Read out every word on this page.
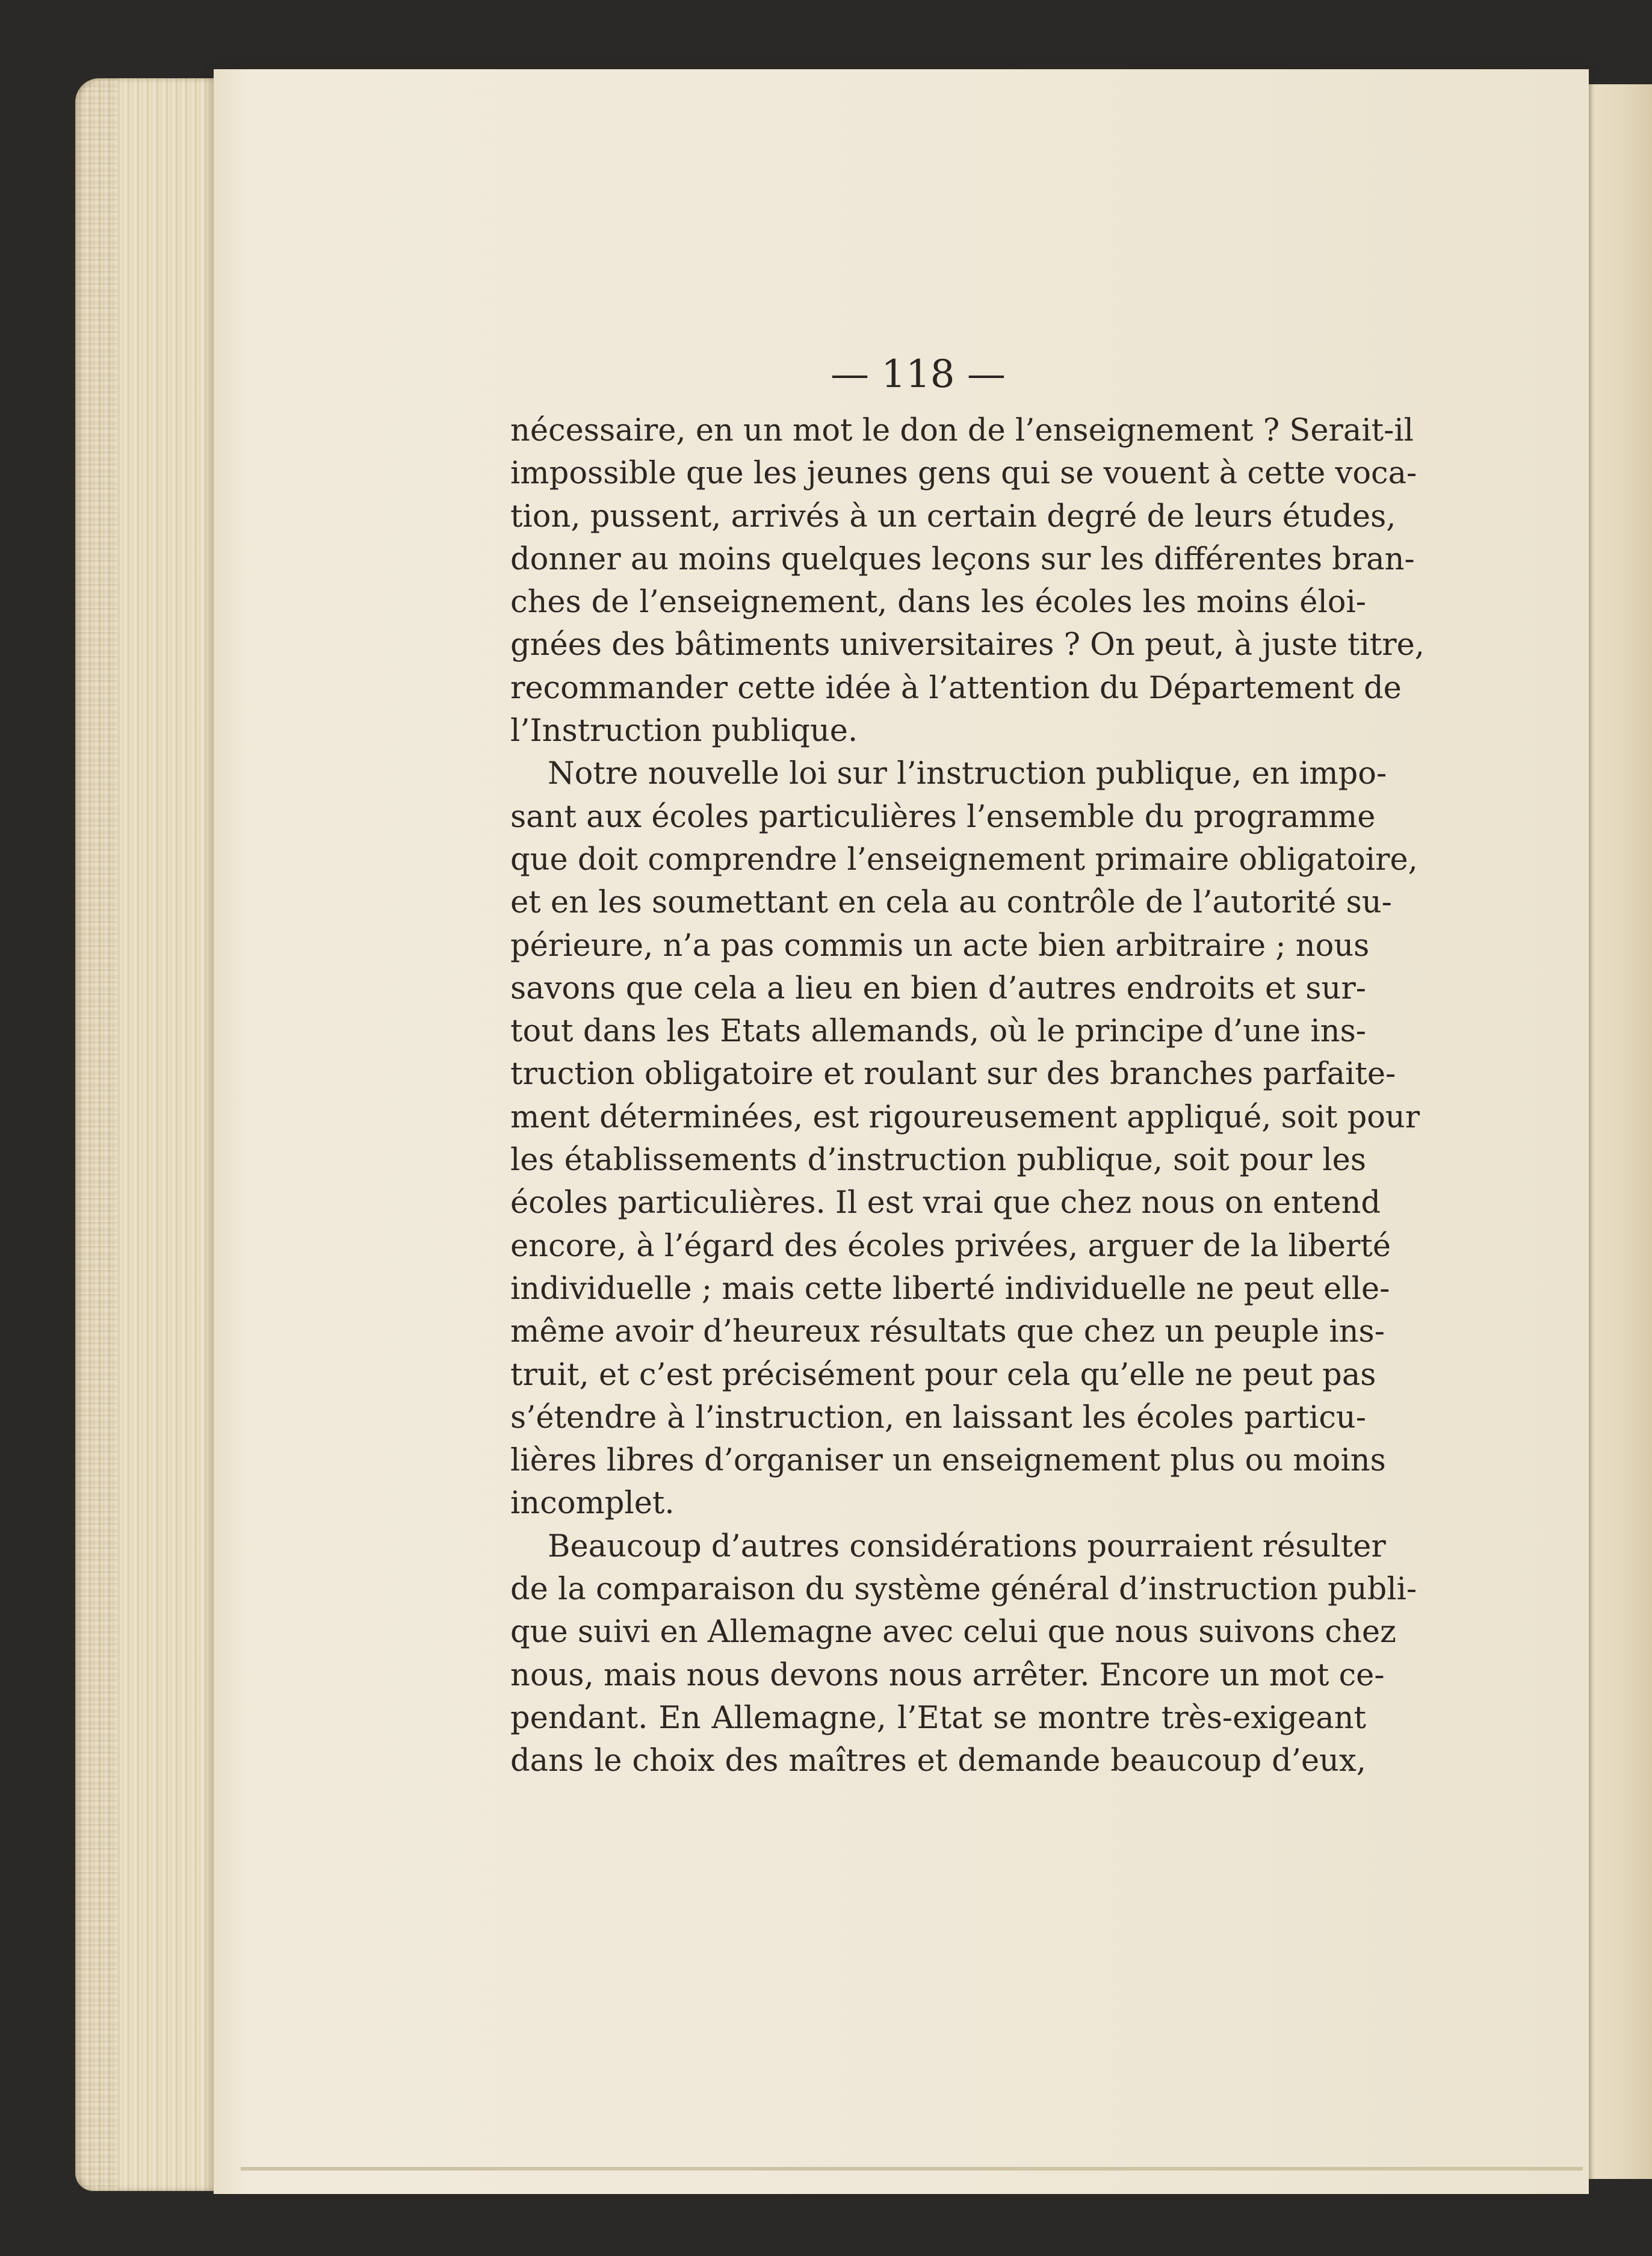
— 118 —
nécessaire, en un mot le don de l’enseignement ? Serait-il
impossible que les jeunes gens qui se vouent à cette voca-
tion, pussent, arrivés à un certain degré de leurs études,
donner au moins quelques leçons sur les différentes bran-
ches de l’enseignement, dans les écoles les moins éloi-
gnées des bâtiments universitaires ? On peut, à juste titre,
recommander cette idée à l’attention du Département de
l’Instruction publique.
Notre nouvelle loi sur l’instruction publique, en impo-
sant aux écoles particulières l’ensemble du programme
que doit comprendre l’enseignement primaire obligatoire,
et en les soumettant en cela au contrôle de l’autorité su-
périeure, n’a pas commis un acte bien arbitraire ; nous
savons que cela a lieu en bien d’autres endroits et sur-
tout dans les Etats allemands, où le principe d’une ins-
truction obligatoire et roulant sur des branches parfaite-
ment déterminées, est rigoureusement appliqué, soit pour
les établissements d’instruction publique, soit pour les
écoles particulières. Il est vrai que chez nous on entend
encore, à l’égard des écoles privées, arguer de la liberté
individuelle ; mais cette liberté individuelle ne peut elle-
même avoir d’heureux résultats que chez un peuple ins-
truit, et c’est précisément pour cela qu’elle ne peut pas
s’étendre à l’instruction, en laissant les écoles particu-
lières libres d’organiser un enseignement plus ou moins
incomplet.
Beaucoup d’autres considérations pourraient résulter
de la comparaison du système général d’instruction publi-
que suivi en Allemagne avec celui que nous suivons chez
nous, mais nous devons nous arrêter. Encore un mot ce-
pendant. En Allemagne, l’Etat se montre très-exigeant
dans le choix des maîtres et demande beaucoup d’eux,
